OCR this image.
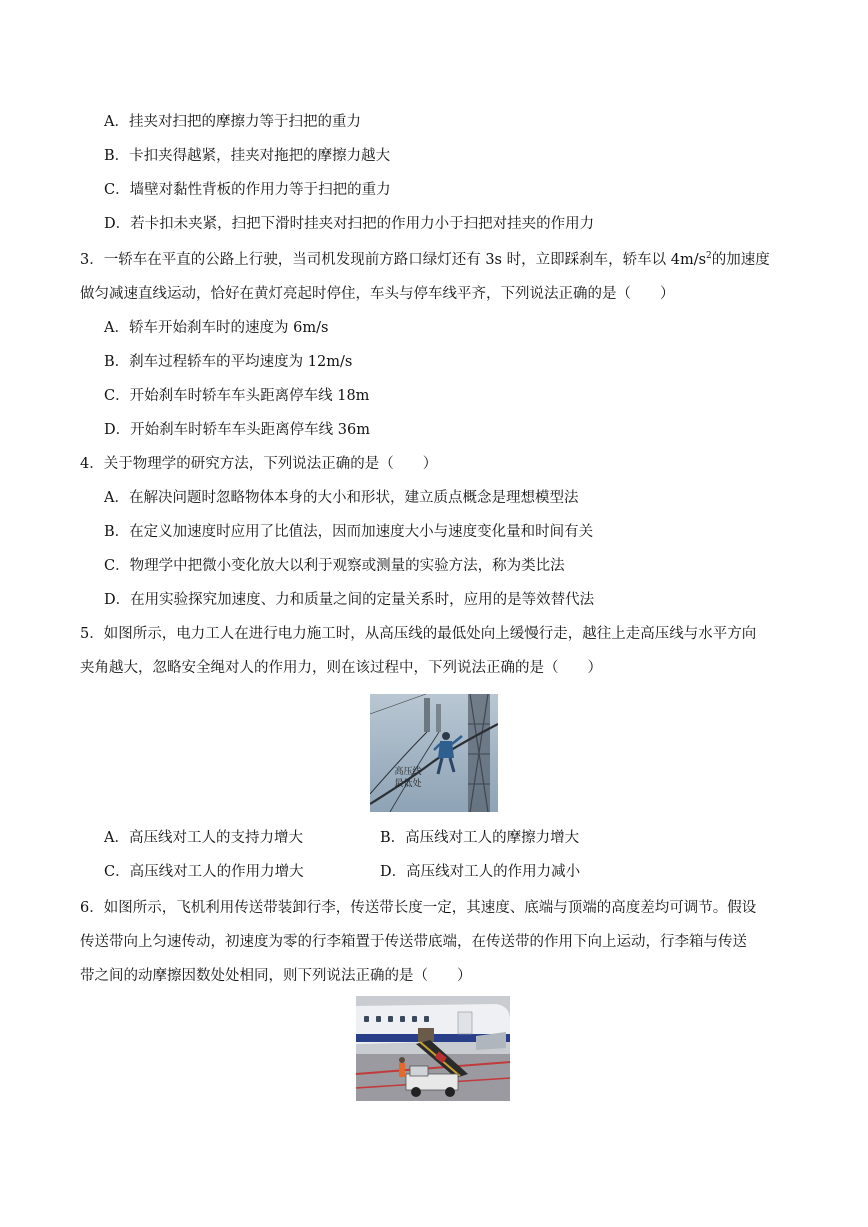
A．挂夹对扫把的摩擦力等于扫把的重力
B．卡扣夹得越紧，挂夹对拖把的摩擦力越大
C．墙壁对黏性背板的作用力等于扫把的重力
D．若卡扣未夹紧，扫把下滑时挂夹对扫把的作用力小于扫把对挂夹的作用力
3．一轿车在平直的公路上行驶，当司机发现前方路口绿灯还有 3s 时，立即踩刹车，轿车以 $4m/s^2$的加速度
做匀减速直线运动，恰好在黄灯亮起时停住，车头与停车线平齐，下列说法正确的是（　　）
A．轿车开始刹车时的速度为 6m/s
B．刹车过程轿车的平均速度为 12m/s
C．开始刹车时轿车车头距离停车线 18m
D．开始刹车时轿车车头距离停车线 36m
4．关于物理学的研究方法，下列说法正确的是（　　）
A．在解决问题时忽略物体本身的大小和形状，建立质点概念是理想模型法
B．在定义加速度时应用了比值法，因而加速度大小与速度变化量和时间有关
C．物理学中把微小变化放大以利于观察或测量的实验方法，称为类比法
D．在用实验探究加速度、力和质量之间的定量关系时，应用的是等效替代法
5．如图所示，电力工人在进行电力施工时，从高压线的最低处向上缓慢行走，越往上走高压线与水平方向
夹角越大，忽略安全绳对人的作用力，则在该过程中，下列说法正确的是（　　）
高压线
最低处
A．高压线对工人的支持力增大	B．高压线对工人的摩擦力增大
C．高压线对工人的作用力增大	D．高压线对工人的作用力减小
6．如图所示，飞机利用传送带装卸行李，传送带长度一定，其速度、底端与顶端的高度差均可调节。假设
传送带向上匀速传动，初速度为零的行李箱置于传送带底端，在传送带的作用下向上运动，行李箱与传送
带之间的动摩擦因数处处相同，则下列说法正确的是（　　）
